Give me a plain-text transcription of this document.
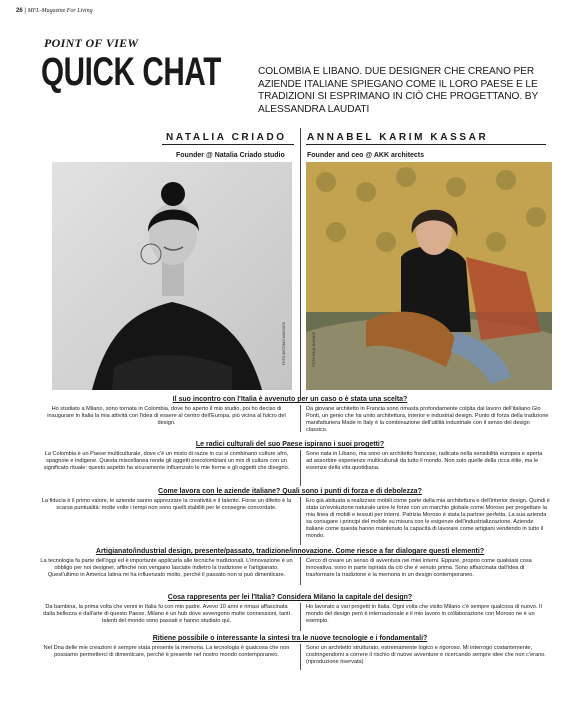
26 | MFL-Magazine For Living
POINT OF VIEW
QUICK CHAT	COLOMBIA E LIBANO. DUE DESIGNER CHE CREANO PER AZIENDE ITALIANE SPIEGANO COME IL LORO PAESE E LE TRADIZIONI SI ESPRIMANO IN CIÒ CHE PROGETTANO. BY ALESSANDRA LAUDATI
NATALIA CRIADO
Founder @ Natalia Criado studio
ANNABEL KARIM KASSAR
Founder and ceo @ AKK architects
FOTO ANTONIO MASSIOS	FOTO PAUL BARAKE
Il suo incontro con l'Italia è avvenuto per un caso o è stata una scelta?
Ho studiato a Milano, sono tornata in Colombia, dove ho aperto il mio studio, poi ho deciso di inaugurare in Italia la mia attività con l'idea di essere al centro dell'Europa, più vicina al fulcro del design.
Da giovane architetto in Francia sono rimasta profondamente colpita dal lavoro dell'italiano Gio Ponti, un genio che ha unito architettura, interior e industrial design. Punto di forza della tradizione manifatturiera Made in Italy è la combinazione dell'utilità industriale con il senso del design classico.
Le radici culturali del suo Paese ispirano i suoi progetti?
La Colombia è un Paese multiculturale, dove c'è un misto di razze in cui si combinano culture afro, spagnole e indigene. Questa miscellanea rende gli oggetti precolombiani un mix di culture con un significato rituale: questo aspetto ha sicuramente influenzato le mie forme e gli oggetti che disegno.
Sono nata in Libano, ma sono un architetto francese, radicata nella sensibilità europea e aperta ad assorbire esperienze multiculturali da tutto il mondo. Non solo quelle della ricca élite, ma le essenze della vita quotidiana.
Come lavora con le aziende italiane? Quali sono i punti di forza e di debolezza?
La fiducia è il primo valore, le aziende sanno apprezzare la creatività e il talento. Forse un difetto è la scarsa puntualità: molte volte i tempi non sono quelli stabiliti per le consegne concordate.
Ero già abituata a realizzare mobili come parte della mia architettura e dell'interior design. Quindi è stata un'evoluzione naturale unire le forze con un marchio globale come Moroso per progettare la mia linea di mobili e tessuti per interni. Patrizia Moroso è stata la partner perfetta. La sua azienda sa coniugare i principi del mobile su misura con le esigenze dell'industrializzazione. Aziende italiane come questa hanno mantenuto la capacità di lavorare come artigiani vendendo in tutto il mondo.
Artigianato/industrial design, presente/passato, tradizione/innovazione. Come riesce a far dialogare questi elementi?
La tecnologia fa parte dell'oggi ed è importante applicarla alle tecniche tradizionali. L'innovazione è un obbligo per noi designer, affinché non vengano lasciate indietro la tradizione e l'artigianato. Quest'ultimo in America latina mi ha influenzato molto, perché il passato non si può dimenticare.
Cerco di creare un senso di avventura nei miei interni. Eppure, proprio come qualsiasi cosa innovativa, sono in parte ispirata da ciò che è venuto prima. Sono affascinata dall'idea di trasformare la tradizione e la memoria in un design contemporaneo.
Cosa rappresenta per lei l'Italia? Considera Milano la capitale del design?
Da bambina, la prima volta che venni in Italia fu con mio padre. Avevo 10 anni e rimasi affascinata dalla bellezza e dall'arte di questo Paese. Milano è un hub dove avvengono molte connessioni, tanti talenti del mondo sono passati e hanno studiato qui.
Ho lavorato a vari progetti in Italia. Ogni volta che visito Milano c'è sempre qualcosa di nuovo. Il mondo del design però è internazionale e il mio lavoro in collaborazione con Moroso ne è un esempio.
Ritiene possibile o interessante la sintesi tra le nuove tecnologie e i fondamentali?
Nel Dna delle mie creazioni è sempre stata presente la memoria. La tecnologia è qualcosa che non possiamo permetterci di dimenticare, perché è presente nel nostro mondo contemporaneo.
Sono un architetto strutturato, estremamente logico e rigoroso. Mi interrogo costantemente, costringendomi a correre il rischio di nuove avventure e ricercando sempre idee che non c'erano. (riproduzione riservata)
